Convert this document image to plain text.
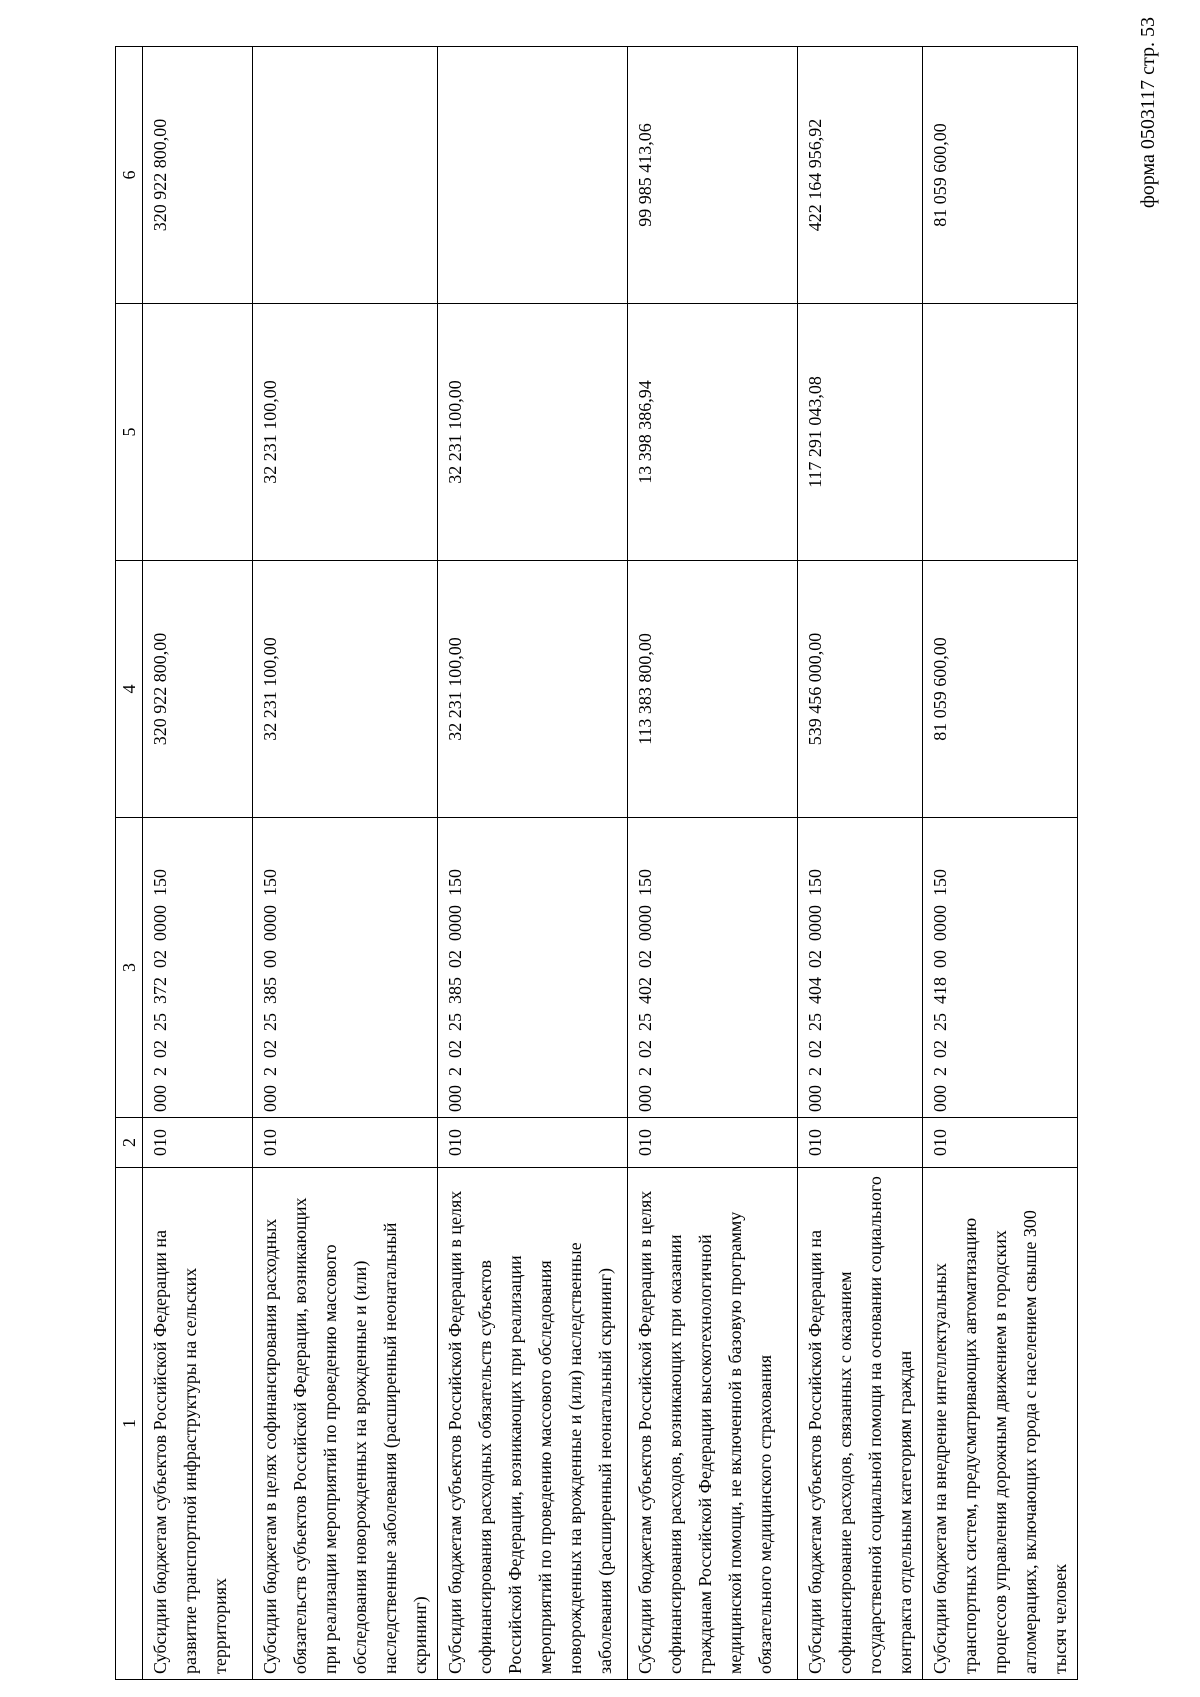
форма 0503117 стр. 53
1	2	3	4	5	6
Субсидии бюджетам субъектов Российской Федерации на развитие транспортной инфраструктуры на сельских территориях	010	000  2  02  25  372  02  0000  150	320 922 800,00		320 922 800,00
Субсидии бюджетам в целях софинансирования расходных обязательств субъектов Российской Федерации, возникающих при реализации мероприятий по проведению массового обследования новорожденных на врожденные и (или) наследственные заболевания (расширенный неонатальный скрининг)	010	000  2  02  25  385  00  0000  150	32 231 100,00	32 231 100,00	
Субсидии бюджетам субъектов Российской Федерации в целях софинансирования расходных обязательств субъектов Российской Федерации, возникающих при реализации мероприятий по проведению массового обследования новорожденных на врожденные и (или) наследственные заболевания (расширенный неонатальный скрининг)	010	000  2  02  25  385  02  0000  150	32 231 100,00	32 231 100,00	
Субсидии бюджетам субъектов Российской Федерации в целях софинансирования расходов, возникающих при оказании гражданам Российской Федерации высокотехнологичной медицинской помощи, не включенной в базовую программу обязательного медицинского страхования	010	000  2  02  25  402  02  0000  150	113 383 800,00	13 398 386,94	99 985 413,06
Субсидии бюджетам субъектов Российской Федерации на софинансирование расходов, связанных с оказанием государственной социальной помощи на основании социального контракта отдельным категориям граждан	010	000  2  02  25  404  02  0000  150	539 456 000,00	117 291 043,08	422 164 956,92
Субсидии бюджетам на внедрение интеллектуальных транспортных систем, предусматривающих автоматизацию процессов управления дорожным движением в городских агломерациях, включающих города с населением свыше 300 тысяч человек	010	000  2  02  25  418  00  0000  150	81 059 600,00		81 059 600,00
